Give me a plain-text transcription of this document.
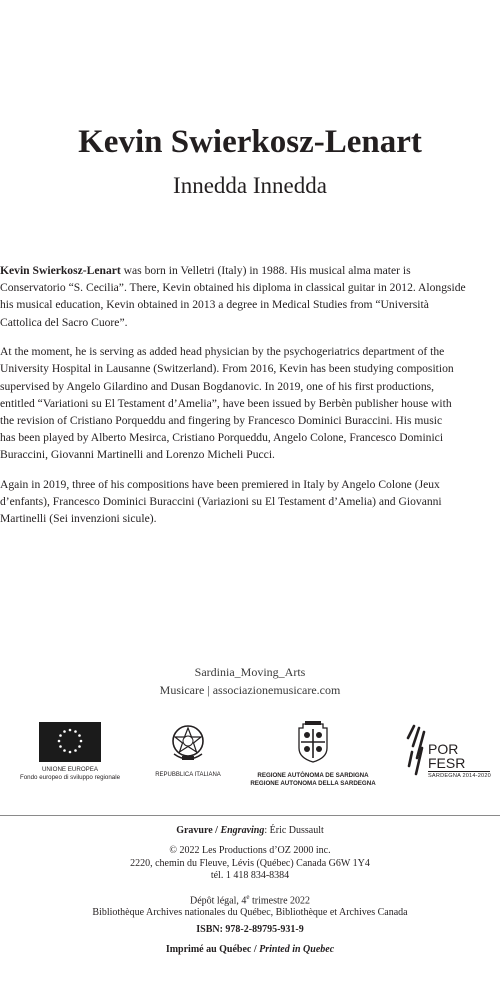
Kevin Swierkosz-Lenart
Innedda Innedda

Kevin Swierkosz-Lenart was born in Velletri (Italy) in 1988. His musical alma mater is
Conservatorio “S. Cecilia”. There, Kevin obtained his diploma in classical guitar in 2012. Alongside
his musical education, Kevin obtained in 2013 a degree in Medical Studies from “Università
Cattolica del Sacro Cuore”.

At the moment, he is serving as added head physician by the psychogeriatrics department of the
University Hospital in Lausanne (Switzerland). From 2016, Kevin has been studying composition
supervised by Angelo Gilardino and Dusan Bogdanovic. In 2019, one of his first productions,
entitled “Variationi su El Testament d’Amelia”, have been issued by Berbèn publisher house with
the revision of Cristiano Porqueddu and fingering by Francesco Dominici Buraccini. His music
has been played by Alberto Mesirca, Cristiano Porqueddu, Angelo Colone, Francesco Dominici
Buraccini, Giovanni Martinelli and Lorenzo Micheli Pucci.

Again in 2019, three of his compositions have been premiered in Italy by Angelo Colone (Jeux
d’enfants), Francesco Dominici Buraccini (Variazioni su El Testament d’Amelia) and Giovanni
Martinelli (Sei invenzioni sicule).

Sardinia_Moving_Arts
Musicare | associazionemusicare.com
UNIONE EUROPEA
Fondo europeo di sviluppo regionale	REPUBBLICA ITALIANA	REGIONE AUTÒNOMA DE SARDIGNA
REGIONE AUTONOMA DELLA SARDEGNA
POR FESR
SARDEGNA 2014-2020
Gravure / Engraving: Éric Dussault
© 2022 Les Productions d’OZ 2000 inc.
2220, chemin du Fleuve, Lévis (Québec) Canada G6W 1Y4
tél. 1 418 834-8384
Dépôt légal, 4e trimestre 2022
Bibliothèque Archives nationales du Québec, Bibliothèque et Archives Canada
ISBN: 978-2-89795-931-9
Imprimé au Québec / Printed in Quebec
